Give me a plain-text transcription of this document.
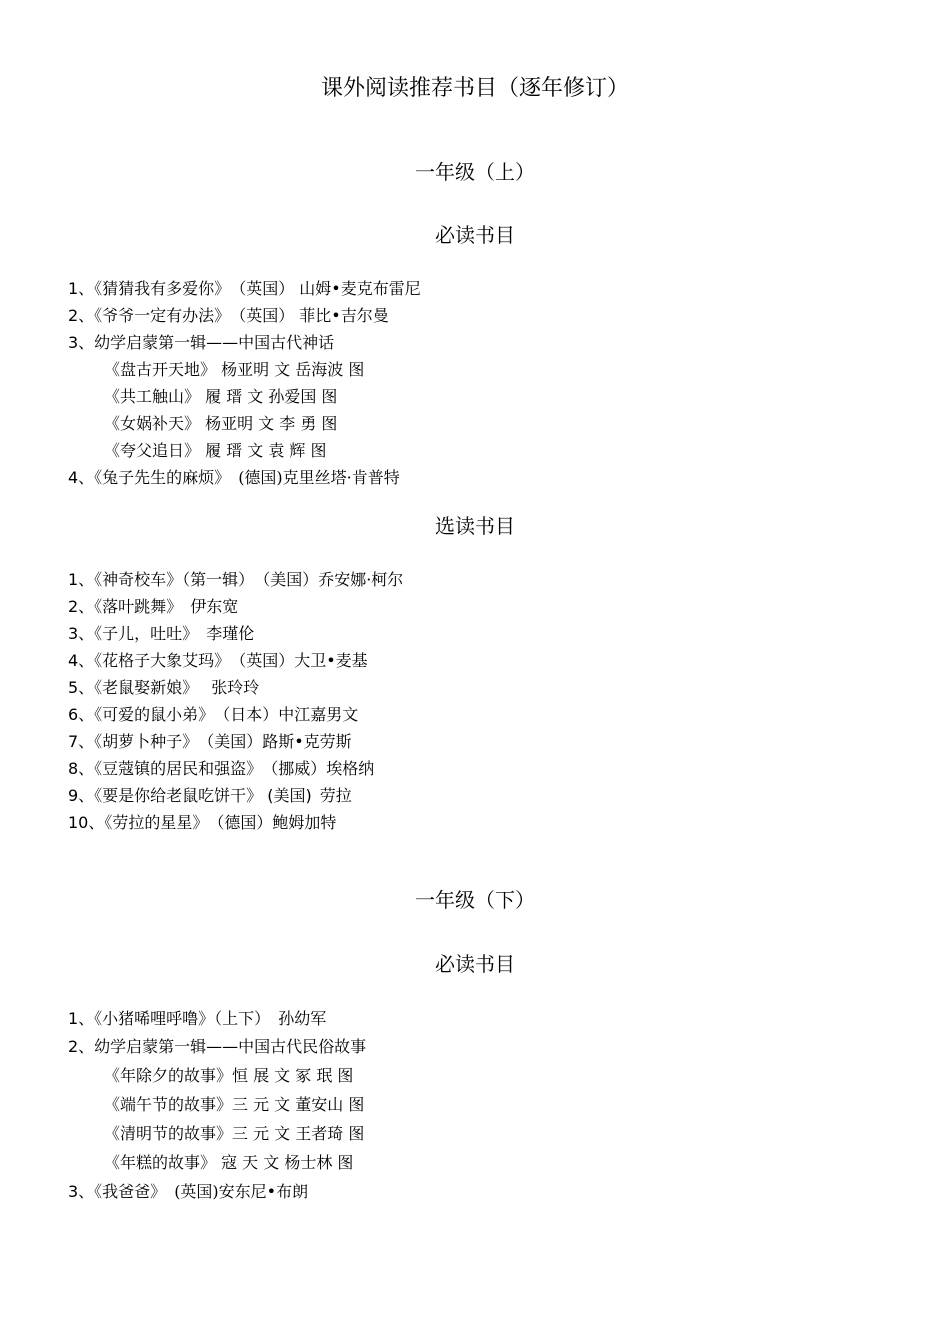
课外阅读推荐书目（逐年修订）
一年级（上）
必读书目
1、《猜猜我有多爱你》 （英国） 山姆•麦克布雷尼
2、《爷爷一定有办法》 （英国） 菲比•吉尔曼
3、幼学启蒙第一辑——中国古代神话
《盘古开天地》 杨亚明 文 岳海波 图
《共工触山》 履 瑨 文 孙爱国 图
《女娲补天》 杨亚明 文 李 勇 图
《夸父追日》 履 瑨 文 袁 辉 图
4、《兔子先生的麻烦》 (德国)克里丝塔·肯普特
选读书目
1、《神奇校车》（第一辑） （美国）乔安娜·柯尔
2、《落叶跳舞》 伊东宽
3、《子儿，吐吐》 李瑾伦
4、《花格子大象艾玛》 （英国）大卫•麦基
5、《老鼠娶新娘》 张玲玲
6、《可爱的鼠小弟》 （日本）中江嘉男文
7、《胡萝卜种子》 （美国）路斯•克劳斯
8、《豆蔻镇的居民和强盗》 （挪威）埃格纳
9、《要是你给老鼠吃饼干》 (美国) 劳拉
10、《劳拉的星星》 （德国）鲍姆加特
一年级（下）
必读书目
1、《小猪唏哩呼噜》（上下） 孙幼军
2、幼学启蒙第一辑——中国古代民俗故事
《年除夕的故事》恒 展 文 冢 珉 图
《端午节的故事》三 元 文 董安山 图
《清明节的故事》三 元 文 王者琦 图
《年糕的故事》 寇 天 文 杨士林 图
3、《我爸爸》 (英国)安东尼•布朗
